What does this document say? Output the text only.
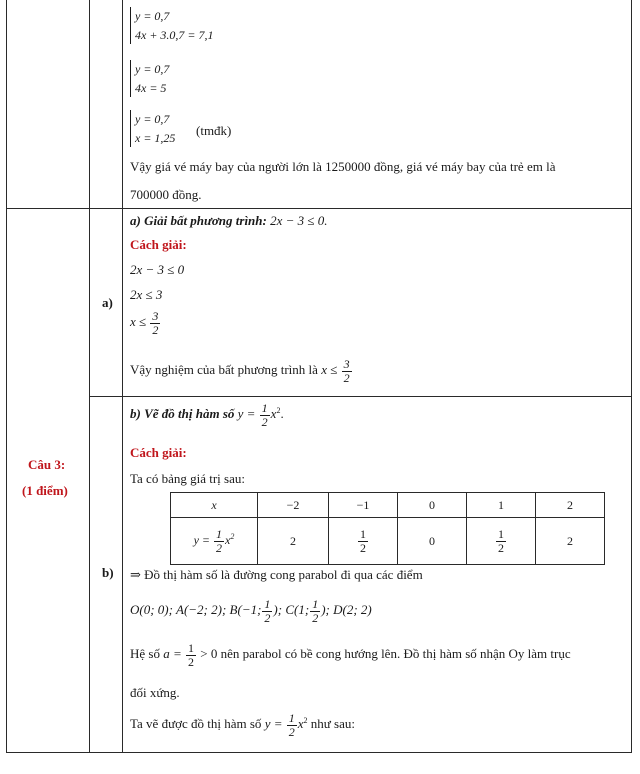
y = 0,7
4x + 3.0,7 = 7,1
y = 0,7
4x = 5
y = 0,7
x = 1,25 (tmđk)
Vậy giá vé máy bay của người lớn là 1250000 đồng, giá vé máy bay của trẻ em là
700000 đồng.
Câu 3:
(1 điểm)
a)
a) Giải bất phương trình: 2x − 3 ≤ 0.
Cách giải:
2x − 3 ≤ 0
2x ≤ 3
$x \le \frac{3}{2}$
Vậy nghiệm của bất phương trình là $x \le \frac{3}{2}$
b)
b) Vẽ đồ thị hàm số $y = \frac{1}{2} x^2$.
Cách giải:
Ta có bảng giá trị sau:
x	−2	−1	0	1	2
$y = \frac{1}{2} x^2$	2	$\frac{1}{2}$	0	$\frac{1}{2}$	2
⇒ Đồ thị hàm số là đường cong parabol đi qua các điểm
O(0; 0); A(−2; 2); B(−1; $\frac{1}{2}$ ); C(1; $\frac{1}{2}$ ); D(2; 2)
Hệ số $a = \frac{1}{2} > 0$ nên parabol có bề cong hướng lên. Đồ thị hàm số nhận Oy làm trục
đối xứng.
Ta vẽ được đồ thị hàm số $y = \frac{1}{2} x^2$ như sau:
